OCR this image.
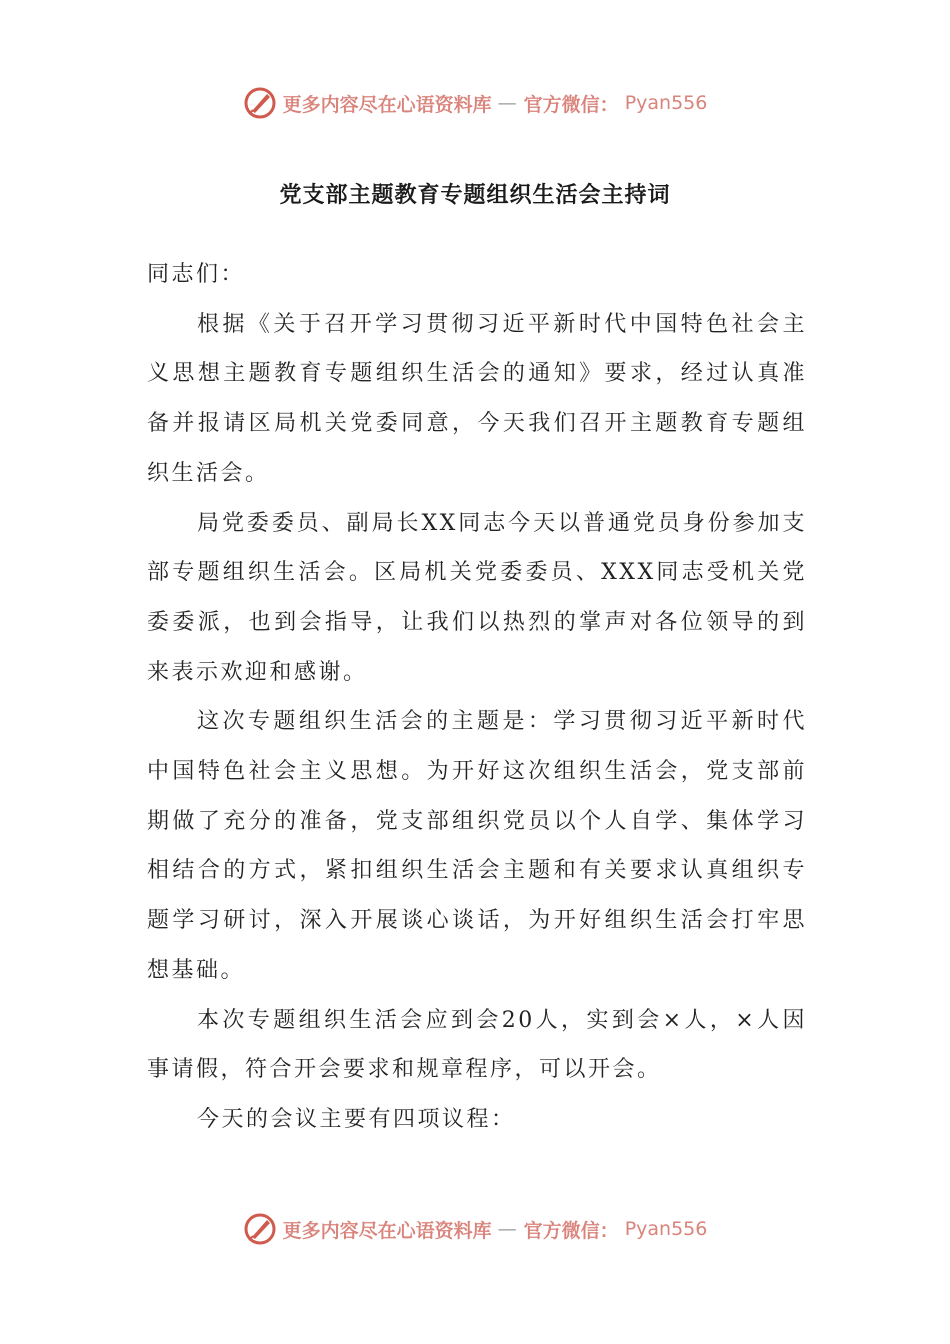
更多内容尽在心语资料库 — 官方微信： Pyan556
党支部主题教育专题组织生活会主持词

同志们：

根据《关于召开学习贯彻习近平新时代中国特色社会主义思想主题教育专题组织生活会的通知》要求，经过认真准备并报请区局机关党委同意，今天我们召开主题教育专题组织生活会。

局党委委员、副局长XX同志今天以普通党员身份参加支部专题组织生活会。区局机关党委委员、XXX同志受机关党委委派，也到会指导，让我们以热烈的掌声对各位领导的到来表示欢迎和感谢。

这次专题组织生活会的主题是：学习贯彻习近平新时代中国特色社会主义思想。为开好这次组织生活会，党支部前期做了充分的准备，党支部组织党员以个人自学、集体学习相结合的方式，紧扣组织生活会主题和有关要求认真组织专题学习研讨，深入开展谈心谈话，为开好组织生活会打牢思想基础。

本次专题组织生活会应到会20人，实到会×人，×人因事请假，符合开会要求和规章程序，可以开会。

今天的会议主要有四项议程：

更多内容尽在心语资料库 — 官方微信： Pyan556
